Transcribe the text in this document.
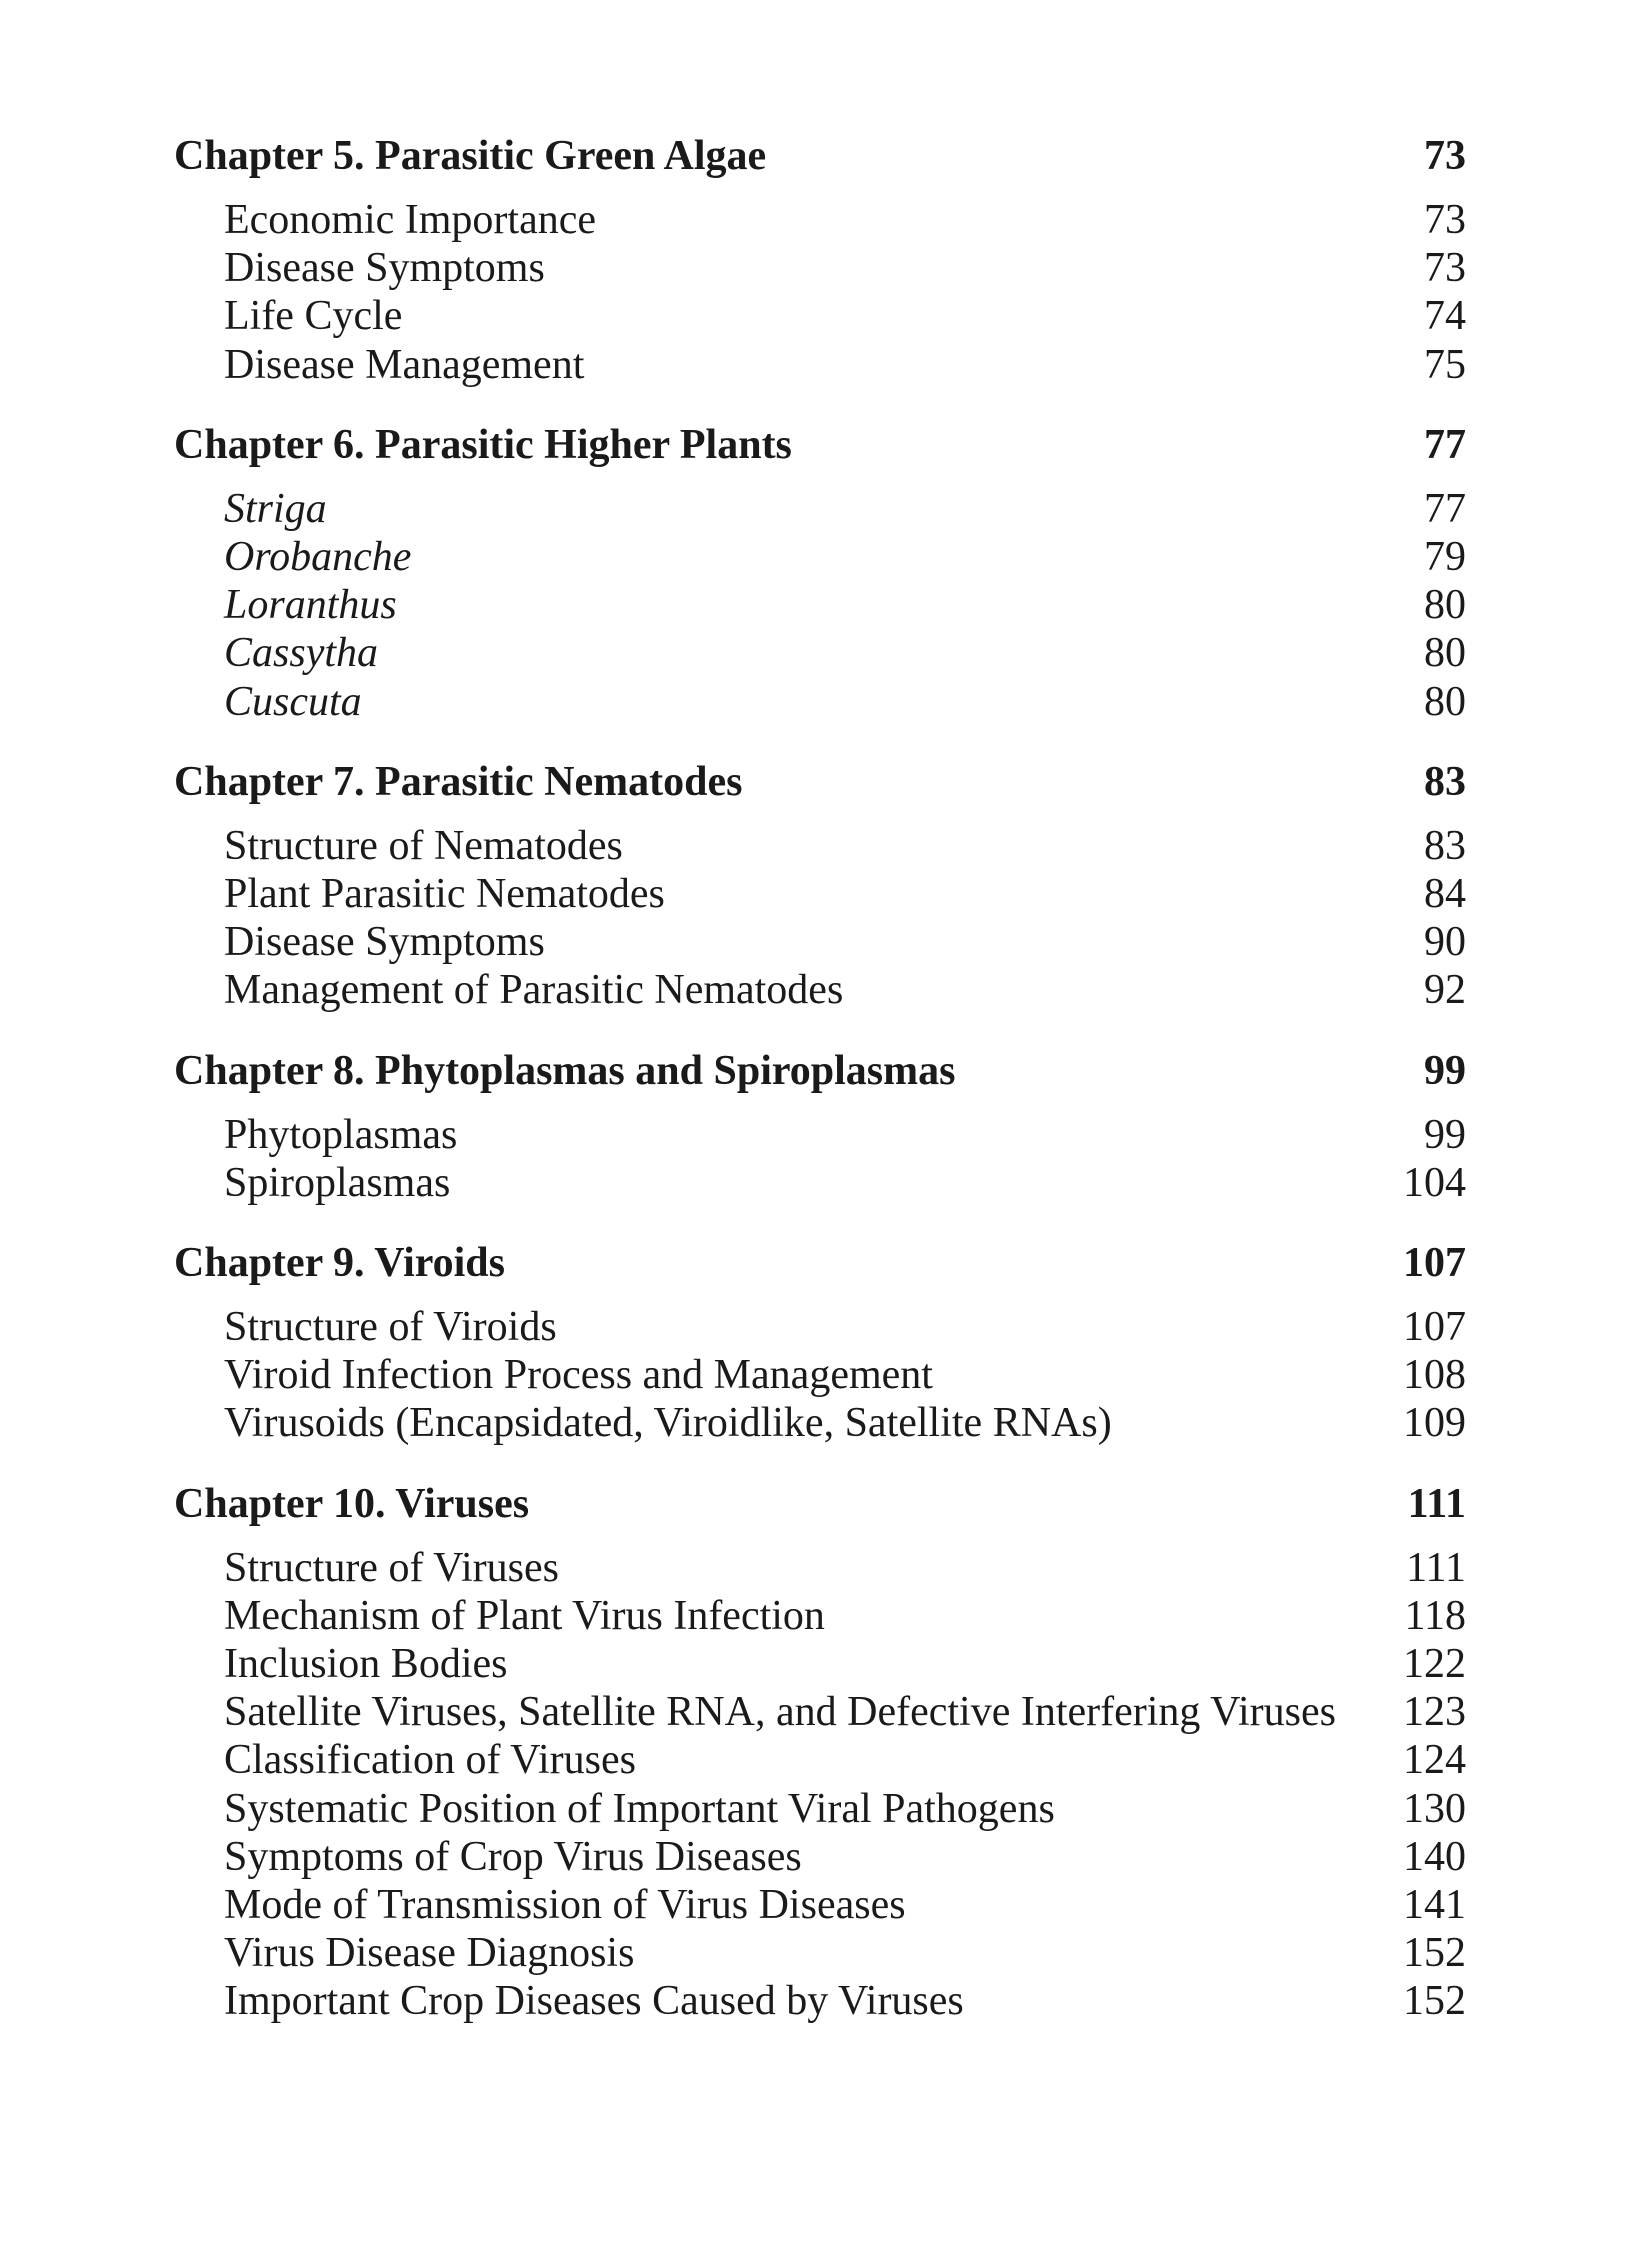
Chapter 5. Parasitic Green Algae	73
Economic Importance	73
Disease Symptoms	73
Life Cycle	74
Disease Management	75
Chapter 6. Parasitic Higher Plants	77
Striga	77
Orobanche	79
Loranthus	80
Cassytha	80
Cuscuta	80
Chapter 7. Parasitic Nematodes	83
Structure of Nematodes	83
Plant Parasitic Nematodes	84
Disease Symptoms	90
Management of Parasitic Nematodes	92
Chapter 8. Phytoplasmas and Spiroplasmas	99
Phytoplasmas	99
Spiroplasmas	104
Chapter 9. Viroids	107
Structure of Viroids	107
Viroid Infection Process and Management	108
Virusoids (Encapsidated, Viroidlike, Satellite RNAs)	109
Chapter 10. Viruses	111
Structure of Viruses	111
Mechanism of Plant Virus Infection	118
Inclusion Bodies	122
Satellite Viruses, Satellite RNA, and Defective Interfering Viruses	123
Classification of Viruses	124
Systematic Position of Important Viral Pathogens	130
Symptoms of Crop Virus Diseases	140
Mode of Transmission of Virus Diseases	141
Virus Disease Diagnosis	152
Important Crop Diseases Caused by Viruses	152
